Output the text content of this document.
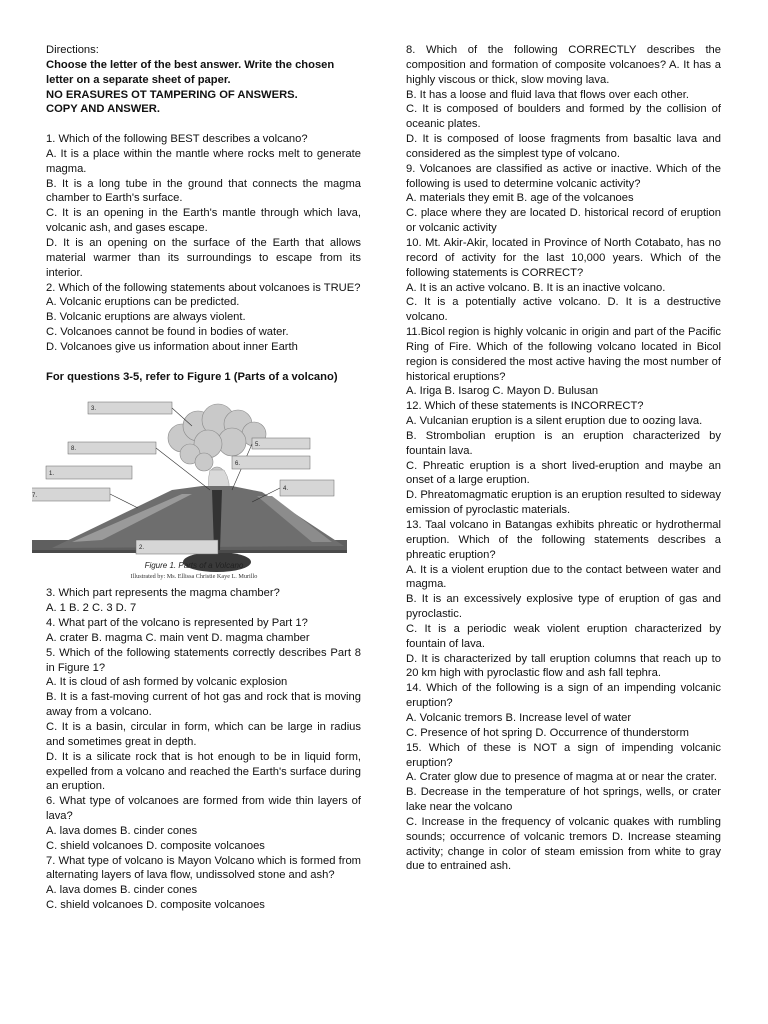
Directions:

Choose the letter of the best answer. Write the chosen letter on a separate sheet of paper.

NO ERASURES OT TAMPERING OF ANSWERS.

COPY AND ANSWER.

1. Which of the following BEST describes a volcano?

A. It is a place within the mantle where rocks melt to generate magma.

B. It is a long tube in the ground that connects the magma chamber to Earth's surface.

C. It is an opening in the Earth's mantle through which lava, volcanic ash, and gases escape.

D. It is an opening on the surface of the Earth that allows material warmer than its surroundings to escape from its interior.

2. Which of the following statements about volcanoes is TRUE?

A. Volcanic eruptions can be predicted.

B. Volcanic eruptions are always violent.

C. Volcanoes cannot be found in bodies of water.

D. Volcanoes give us information about inner Earth

For questions 3-5, refer to Figure 1 (Parts of a volcano)

3.
8.
1.
7.
5.
6.
4.
2.
Figure 1. Parts of a Volcano
Illustrated by: Ms. Ellissa Christie Kaye L. Murillo

3. Which part represents the magma chamber?

A. 1 B. 2 C. 3 D. 7

4. What part of the volcano is represented by Part 1?

A. crater B. magma C. main vent D. magma chamber

5. Which of the following statements correctly describes Part 8 in Figure 1?

A. It is cloud of ash formed by volcanic explosion

B. It is a fast-moving current of hot gas and rock that is moving away from a volcano.

C. It is a basin, circular in form, which can be large in radius and sometimes great in depth.

D. It is a silicate rock that is hot enough to be in liquid form, expelled from a volcano and reached the Earth's surface during an eruption.

6. What type of volcanoes are formed from wide thin layers of lava?

A. lava domes B. cinder cones

C. shield volcanoes D. composite volcanoes

7. What type of volcano is Mayon Volcano which is formed from alternating layers of lava flow, undissolved stone and ash?

A. lava domes B. cinder cones

C. shield volcanoes D. composite volcanoes

8. Which of the following CORRECTLY describes the composition and formation of composite volcanoes? A. It has a highly viscous or thick, slow moving lava.

B. It has a loose and fluid lava that flows over each other.

C. It is composed of boulders and formed by the collision of oceanic plates.

D. It is composed of loose fragments from basaltic lava and considered as the simplest type of volcano.

9. Volcanoes are classified as active or inactive. Which of the following is used to determine volcanic activity?

A. materials they emit B. age of the volcanoes

C. place where they are located D. historical record of eruption or volcanic activity

10. Mt. Akir-Akir, located in Province of North Cotabato, has no record of activity for the last 10,000 years. Which of the following statements is CORRECT?

A. It is an active volcano. B. It is an inactive volcano.

C. It is a potentially active volcano. D. It is a destructive volcano.

11.Bicol region is highly volcanic in origin and part of the Pacific Ring of Fire. Which of the following volcano located in Bicol region is considered the most active having the most number of historical eruptions?

A. Iriga B. Isarog C. Mayon D. Bulusan

12. Which of these statements is INCORRECT?

A. Vulcanian eruption is a silent eruption due to oozing lava.

B. Strombolian eruption is an eruption characterized by fountain lava.

C. Phreatic eruption is a short lived-eruption and maybe an onset of a large eruption.

D. Phreatomagmatic eruption is an eruption resulted to sideway emission of pyroclastic materials.

13. Taal volcano in Batangas exhibits phreatic or hydrothermal eruption. Which of the following statements describes a phreatic eruption?

A. It is a violent eruption due to the contact between water and magma.

B. It is an excessively explosive type of eruption of gas and pyroclastic.

C. It is a periodic weak violent eruption characterized by fountain of lava.

D. It is characterized by tall eruption columns that reach up to 20 km high with pyroclastic flow and ash fall tephra.

14. Which of the following is a sign of an impending volcanic eruption?

A. Volcanic tremors B. Increase level of water

C. Presence of hot spring D. Occurrence of thunderstorm

15. Which of these is NOT a sign of impending volcanic eruption?

A. Crater glow due to presence of magma at or near the crater.

B. Decrease in the temperature of hot springs, wells, or crater lake near the volcano

C. Increase in the frequency of volcanic quakes with rumbling sounds; occurrence of volcanic tremors D. Increase steaming activity; change in color of steam emission from white to gray due to entrained ash.
